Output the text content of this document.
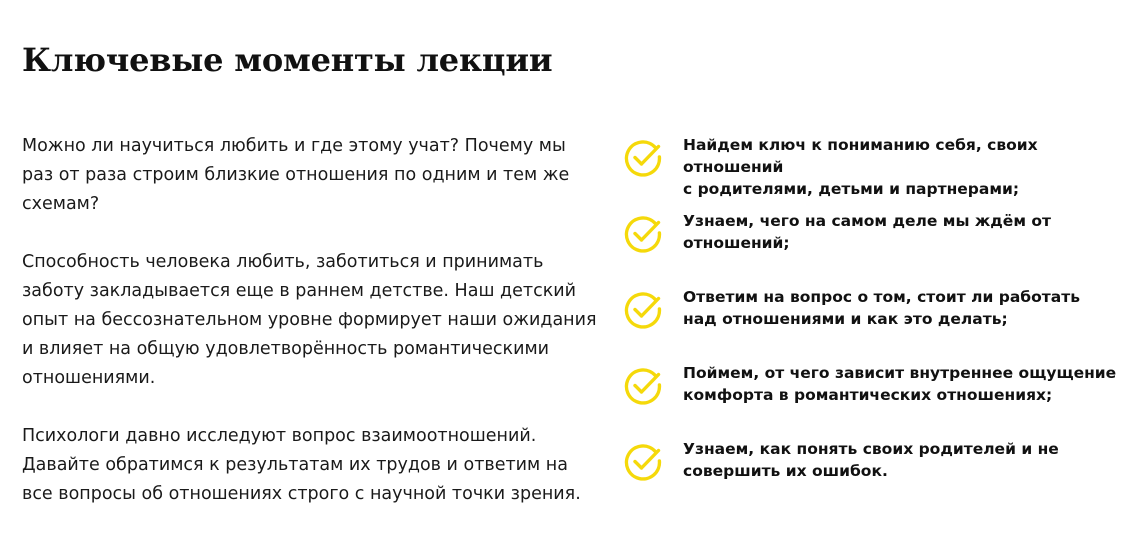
Ключевые моменты лекции

Можно ли научиться любить и где этому учат? Почему мы раз от раза строим близкие отношения по одним и тем же схемам?

Способность человека любить, заботиться и принимать заботу закладывается еще в раннем детстве. Наш детский опыт на бессознательном уровне формирует наши ожидания и влияет на общую удовлетворённость романтическими отношениями.

Психологи давно исследуют вопрос взаимоотношений. Давайте обратимся к результатам их трудов и ответим на все вопросы об отношениях строго с научной точки зрения.

Найдем ключ к пониманию себя, своих отношений
с родителями, детьми и партнерами;
Узнаем, чего на самом деле мы ждём от
отношений;
Ответим на вопрос о том, стоит ли работать
над отношениями и как это делать;
Поймем, от чего зависит внутреннее ощущение
комфорта в романтических отношениях;
Узнаем, как понять своих родителей и не
совершить их ошибок.
